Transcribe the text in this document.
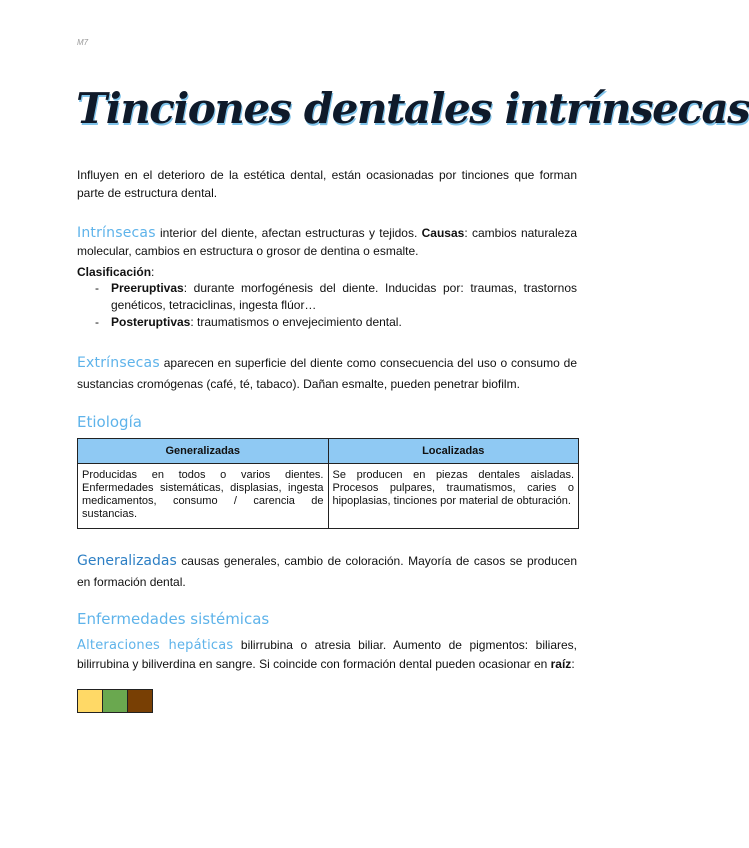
M7
Tinciones dentales intrínsecas

Influyen en el deterioro de la estética dental, están ocasionadas por tinciones que forman parte de estructura dental.

Intrínsecas interior del diente, afectan estructuras y tejidos. Causas: cambios naturaleza molecular, cambios en estructura o grosor de dentina o esmalte.

Clasificación:

- Preeruptivas: durante morfogénesis del diente. Inducidas por: traumas, trastornos genéticos, tetraciclinas, ingesta flúor…
- Posteruptivas: traumatismos o envejecimiento dental.

Extrínsecas aparecen en superficie del diente como consecuencia del uso o consumo de sustancias cromógenas (café, té, tabaco). Dañan esmalte, pueden penetrar biofilm.

Etiología
Generalizadas	Localizadas
Producidas en todos o varios dientes. Enfermedades sistemáticas, displasias, ingesta medicamentos, consumo / carencia de sustancias.	Se producen en piezas dentales aisladas. Procesos pulpares, traumatismos, caries o hipoplasias, tinciones por material de obturación.

Generalizadas causas generales, cambio de coloración. Mayoría de casos se producen en formación dental.

Enfermedades sistémicas

Alteraciones hepáticas bilirrubina o atresia biliar. Aumento de pigmentos: biliares, bilirrubina y biliverdina en sangre. Si coincide con formación dental pueden ocasionar en raíz:
